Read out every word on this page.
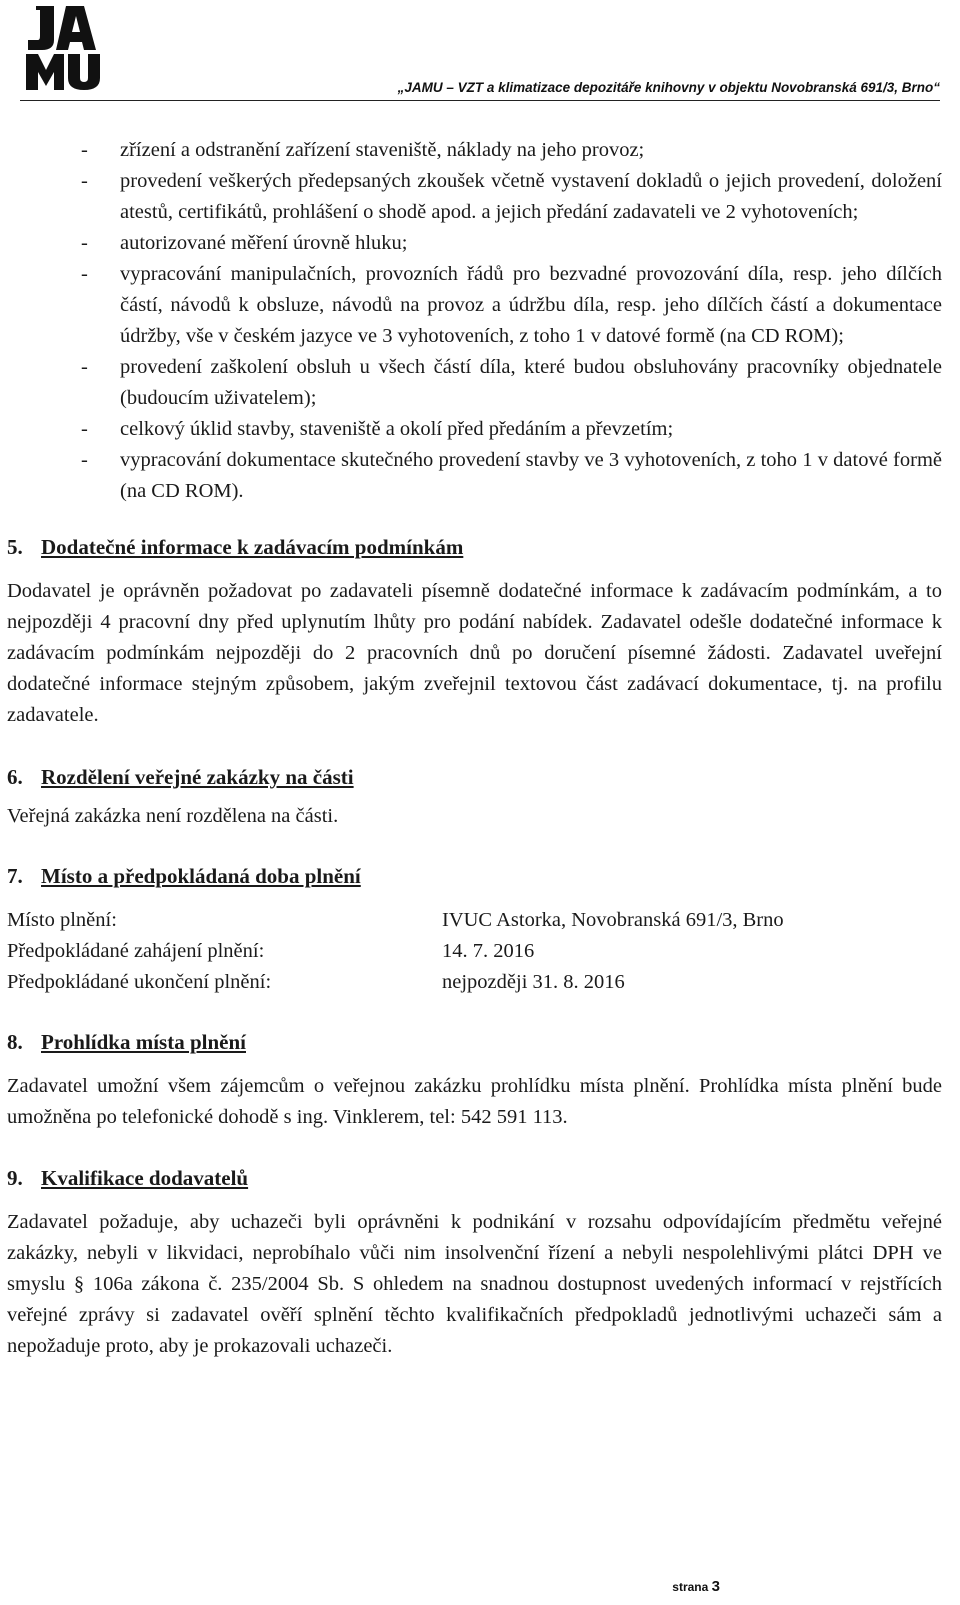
„JAMU – VZT a klimatizace depozitáře knihovny v objektu Novobranská 691/3, Brno“
- zřízení a odstranění zařízení staveniště, náklady na jeho provoz;
- provedení veškerých předepsaných zkoušek včetně vystavení dokladů o jejich provedení, doložení atestů, certifikátů, prohlášení o shodě apod. a jejich předání zadavateli ve 2 vyhotoveních;
- autorizované měření úrovně hluku;
- vypracování manipulačních, provozních řádů pro bezvadné provozování díla, resp. jeho dílčích částí, návodů k obsluze, návodů na provoz a údržbu díla, resp. jeho dílčích částí a dokumentace údržby, vše v českém jazyce ve 3 vyhotoveních, z toho 1 v datové formě (na CD ROM);
- provedení zaškolení obsluh u všech částí díla, které budou obsluhovány pracovníky objednatele (budoucím uživatelem);
- celkový úklid stavby, staveniště a okolí před předáním a převzetím;
- vypracování dokumentace skutečného provedení stavby ve 3 vyhotoveních, z toho 1 v datové formě (na CD ROM).
5. Dodatečné informace k zadávacím podmínkám

Dodavatel je oprávněn požadovat po zadavateli písemně dodatečné informace k zadávacím podmínkám, a to nejpozději 4 pracovní dny před uplynutím lhůty pro podání nabídek. Zadavatel odešle dodatečné informace k zadávacím podmínkám nejpozději do 2 pracovních dnů po doručení písemné žádosti. Zadavatel uveřejní dodatečné informace stejným způsobem, jakým zveřejnil textovou část zadávací dokumentace, tj. na profilu zadavatele.

6. Rozdělení veřejné zakázky na části

Veřejná zakázka není rozdělena na části.

7. Místo a předpokládaná doba plnění
Místo plnění:	IVUC Astorka, Novobranská 691/3, Brno
Předpokládané zahájení plnění:	14. 7. 2016
Předpokládané ukončení plnění:	nejpozději 31. 8. 2016
8. Prohlídka místa plnění

Zadavatel umožní všem zájemcům o veřejnou zakázku prohlídku místa plnění. Prohlídka místa plnění bude umožněna po telefonické dohodě s ing. Vinklerem, tel: 542 591 113.

9. Kvalifikace dodavatelů

Zadavatel požaduje, aby uchazeči byli oprávněni k podnikání v rozsahu odpovídajícím předmětu veřejné zakázky, nebyli v likvidaci, neprobíhalo vůči nim insolvenční řízení a nebyli nespolehlivými plátci DPH ve smyslu § 106a zákona č. 235/2004 Sb. S ohledem na snadnou dostupnost uvedených informací v rejstřících veřejné zprávy si zadavatel ověří splnění těchto kvalifikačních předpokladů jednotlivými uchazeči sám a nepožaduje proto, aby je prokazovali uchazeči.

strana 3
